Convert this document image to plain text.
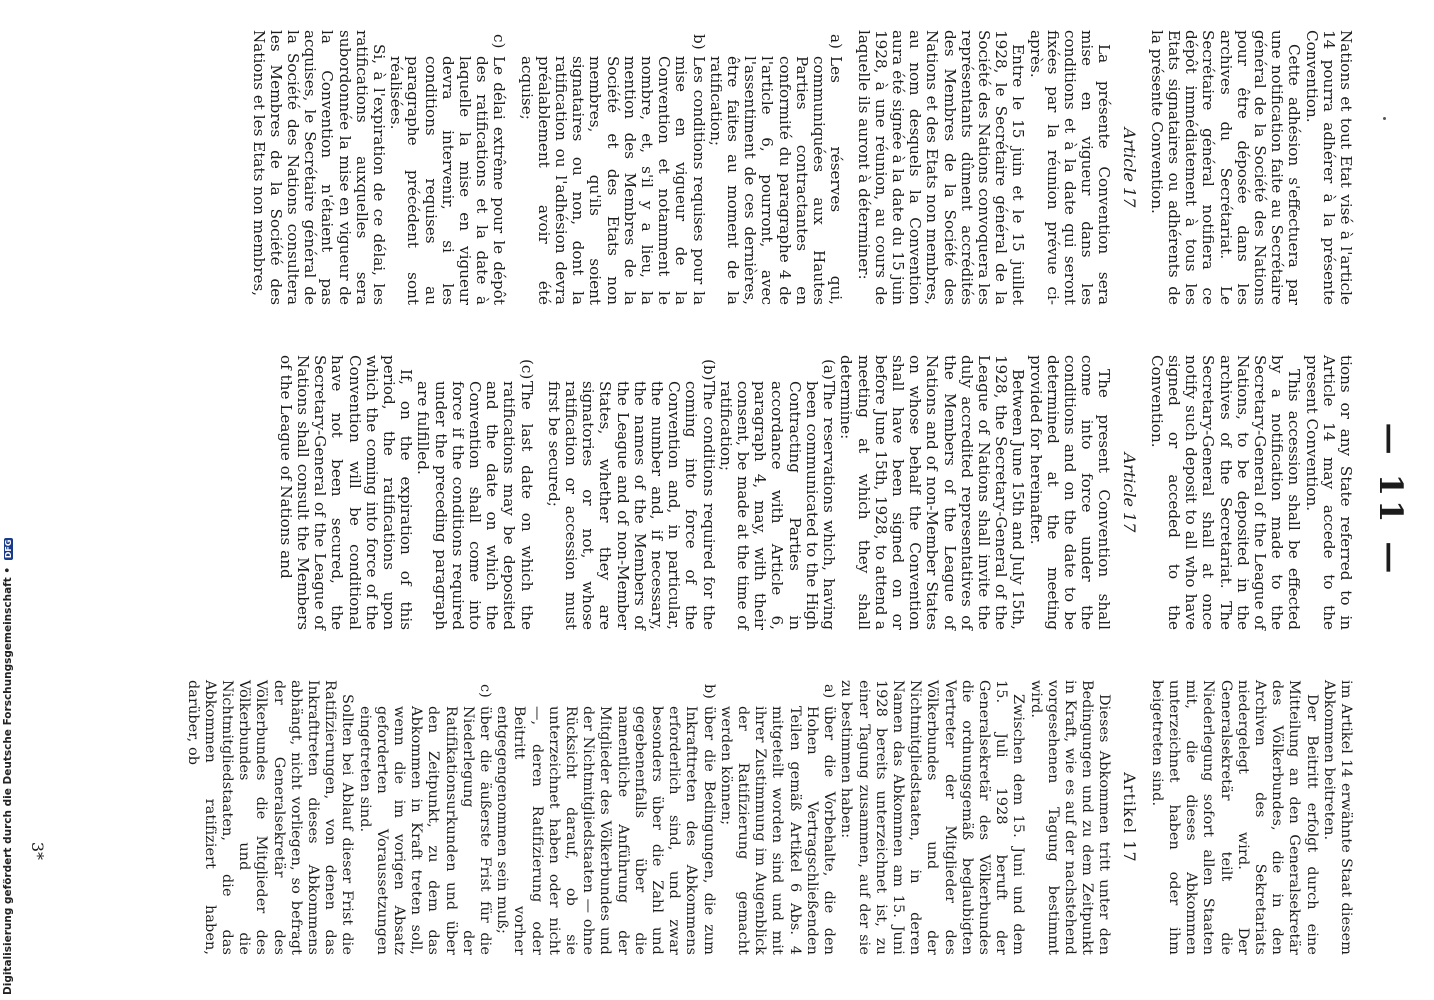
— 11 —

Nations et tout Etat visé à l'article 14 pourra adhérer à la présente Convention.

Cette adhésion s'effectuera par une notification faite au Secrétaire général de la Société des Nations pour être déposée dans les archives du Secrétariat. Le Secrétaire général notifiera ce dépôt immédiatement à tous les Etats signataires ou adhérents de la présente Convention.

Article 17

La présente Convention sera mise en vigueur dans les conditions et à la date qui seront fixées par la réunion prévue ci-après.

Entre le 15 juin et le 15 juillet 1928, le Secrétaire général de la Société des Nations convoquera les représentants dûment accrédités des Membres de la Société des Nations et des Etats non membres, au nom desquels la Convention aura été signée à la date du 15 juin 1928, à une réunion, au cours de laquelle ils auront à déterminer:

a)
Les réserves qui, communiquées aux Hautes Parties contractantes en conformité du paragraphe 4 de l'article 6, pourront, avec l'assentiment de ces dernières, être faites au moment de la ratification;

b)
Les conditions requises pour la mise en vigueur de la Convention et notamment le nombre, et, s'il y a lieu, la mention des Membres de la Société et des Etats non membres, qu'ils soient signataires ou non, dont la ratification ou l'adhésion devra préalablement avoir été acquise;

c)
Le délai extrême pour le dépôt des ratifications et la date à laquelle la mise en vigueur devra intervenir, si les conditions requises au paragraphe précédent sont réalisées.

Si, à l'expiration de ce délai, les ratifications auxquelles sera subordonnée la mise en vigueur de la Convention n'étaient pas acquises, le Secrétaire général de la Société des Nations consultera les Membres de la Société des Nations et les Etats non membres,

tions or any State referred to in Article 14 may accede to the present Convention.

This accession shall be effected by a notification made to the Secretary-General of the League of Nations, to be deposited in the archives of the Secretariat. The Secretary-General shall at once notify such deposit to all who have signed or acceded to the Convention.

Article 17

The present Convention shall come into force under the conditions and on the date to be determined at the meeting provided for hereinafter.

Between June 15th and July 15th, 1928, the Secretary-General of the League of Nations shall invite the duly accredited representatives of the Members of the League of Nations and of non-Member States on whose behalf the Convention shall have been signed on or before June 15th, 1928, to attend a meeting at which they shall determine:

(a)
The reservations which, having been communicated to the High Contracting Parties in accordance with Article 6, paragraph 4, may, with their consent, be made at the time of ratification;

(b)
The conditions required for the coming into force of the Convention and, in particular, the number and, if necessary, the names of the Members of the League and of non-Member States, whether they are signatories or not, whose ratification or accession must first be secured;

(c)
The last date on which the ratifications may be deposited and the date on which the Convention shall come into force if the conditions required under the preceding paragraph are fulfilled.

If, on the expiration of this period, the ratifications upon which the coming into force of the Convention will be conditional have not been secured, the Secretary-General of the League of Nations shall consult the Members of the League of Nations and

im Artikel 14 erwähnte Staat diesem Abkommen beitreten.

Der Beitritt erfolgt durch eine Mitteilung an den Generalsekretär des Völkerbundes, die in den Archiven des Sekretariats niedergelegt wird. Der Generalsekretär teilt die Niederlegung sofort allen Staaten mit, die dieses Abkommen unterzeichnet haben oder ihm beigetreten sind.

Artikel 17

Dieses Abkommen tritt unter den Bedingungen und zu dem Zeitpunkt in Kraft, wie es auf der nachstehend vorgesehenen Tagung bestimmt wird.

Zwischen dem 15. Juni und dem 15. Juli 1928 beruft der Generalsekretär des Völkerbundes die ordnungsgemäß beglaubigten Vertreter der Mitglieder des Völkerbundes und der Nichtmitgliedstaaten, in deren Namen das Abkommen am 15. Juni 1928 bereits unterzeichnet ist, zu einer Tagung zusammen, auf der sie zu bestimmen haben:

a)
über die Vorbehalte, die den Hohen Vertragschließenden Teilen gemäß Artikel 6 Abs. 4 mitgeteilt worden sind und mit ihrer Zustimmung im Augenblick der Ratifizierung gemacht werden können;

b)
über die Bedingungen, die zum Inkrafttreten des Abkommens erforderlich sind, und zwar besonders über die Zahl und gegebenenfalls über die namentliche Anführung der Mitglieder des Völkerbundes und der Nichtmitgliedstaaten — ohne Rücksicht darauf, ob sie unterzeichnet haben oder nicht —, deren Ratifizierung oder Beitritt vorher entgegengenommen sein muß;

c)
über die äußerste Frist für die Niederlegung der Ratifikationsurkunden und über den Zeitpunkt, zu dem das Abkommen in Kraft treten soll, wenn die im vorigen Absatz geforderten Voraussetzungen eingetreten sind.

Sollten bei Ablauf dieser Frist die Ratifizierungen, von denen das Inkrafttreten dieses Abkommens abhängt, nicht vorliegen, so befragt der Generalsekretär des Völkerbundes die Mitglieder des Völkerbundes und die Nichtmitgliedstaaten, die das Abkommen ratifiziert haben, darüber, ob

3*
Digitalisierung gefördert durch die Deutsche Forschungsgemeinschaft • DFG
